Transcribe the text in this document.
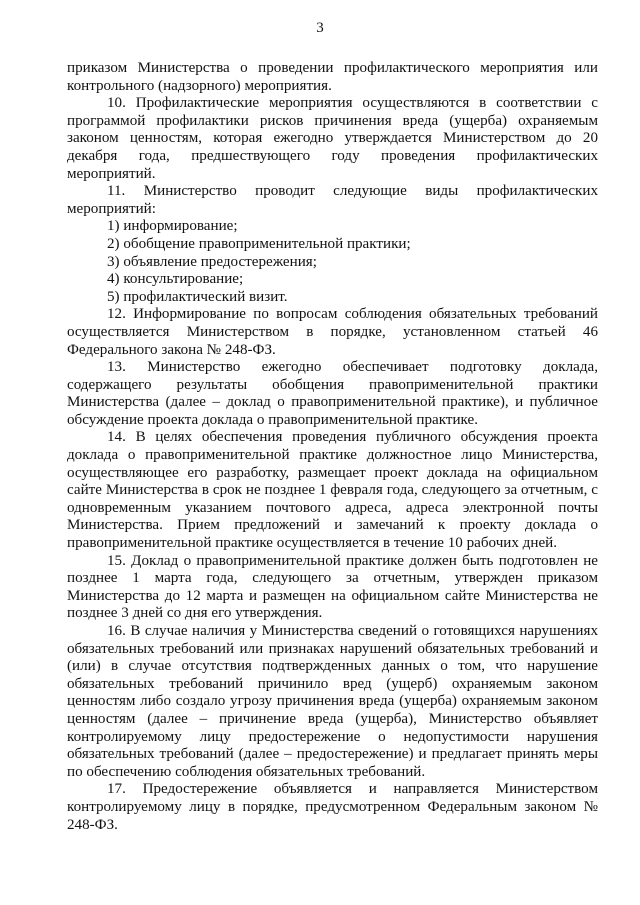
3

приказом Министерства о проведении профилактического мероприятия или контрольного (надзорного) мероприятия.

10. Профилактические мероприятия осуществляются в соответствии с программой профилактики рисков причинения вреда (ущерба) охраняемым законом ценностям, которая ежегодно утверждается Министерством до 20 декабря года, предшествующего году проведения профилактических мероприятий.

11. Министерство проводит следующие виды профилактических мероприятий:

1) информирование;

2) обобщение правоприменительной практики;

3) объявление предостережения;

4) консультирование;

5) профилактический визит.

12. Информирование по вопросам соблюдения обязательных требований осуществляется Министерством в порядке, установленном статьей 46 Федерального закона № 248-ФЗ.

13. Министерство ежегодно обеспечивает подготовку доклада, содержащего результаты обобщения правоприменительной практики Министерства (далее – доклад о правоприменительной практике), и публичное обсуждение проекта доклада о правоприменительной практике.

14. В целях обеспечения проведения публичного обсуждения проекта доклада о правоприменительной практике должностное лицо Министерства, осуществляющее его разработку, размещает проект доклада на официальном сайте Министерства в срок не позднее 1 февраля года, следующего за отчетным, с одновременным указанием почтового адреса, адреса электронной почты Министерства. Прием предложений и замечаний к проекту доклада о правоприменительной практике осуществляется в течение 10 рабочих дней.

15. Доклад о правоприменительной практике должен быть подготовлен не позднее 1 марта года, следующего за отчетным, утвержден приказом Министерства до 12 марта и размещен на официальном сайте Министерства не позднее 3 дней со дня его утверждения.

16. В случае наличия у Министерства сведений о готовящихся нарушениях обязательных требований или признаках нарушений обязательных требований и (или) в случае отсутствия подтвержденных данных о том, что нарушение обязательных требований причинило вред (ущерб) охраняемым законом ценностям либо создало угрозу причинения вреда (ущерба) охраняемым законом ценностям (далее – причинение вреда (ущерба), Министерство объявляет контролируемому лицу предостережение о недопустимости нарушения обязательных требований (далее – предостережение) и предлагает принять меры по обеспечению соблюдения обязательных требований.

17. Предостережение объявляется и направляется Министерством контролируемому лицу в порядке, предусмотренном Федеральным законом № 248-ФЗ.
